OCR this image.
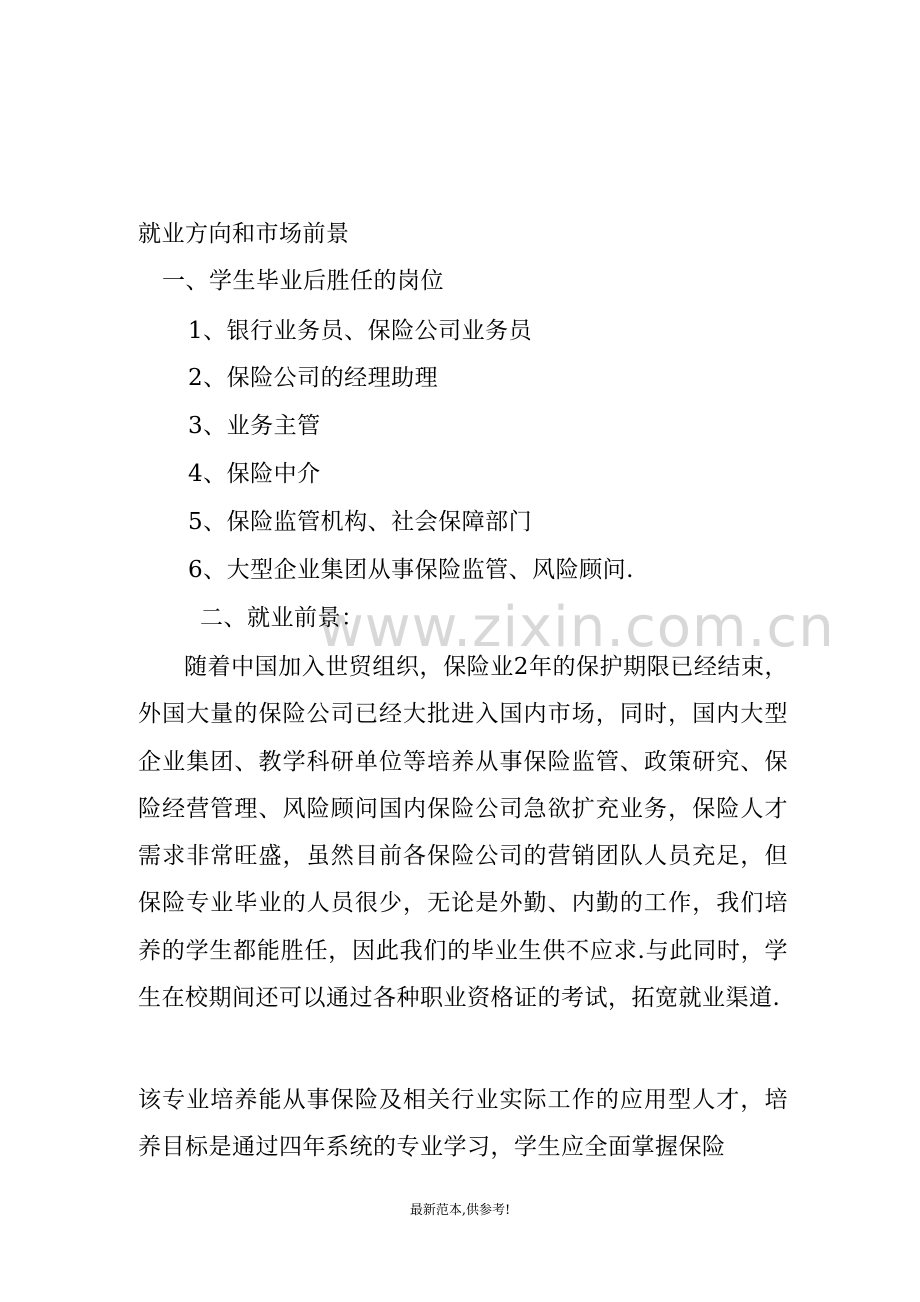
就业方向和市场前景
一、学生毕业后胜任的岗位
1、银行业务员、保险公司业务员
2、保险公司的经理助理
3、业务主管
4、保险中介
5、保险监管机构、社会保障部门
6、大型企业集团从事保险监管、风险顾问.
www.zixin.com.cn
二、就业前景：
随着中国加入世贸组织，保险业2年的保护期限已经结束，外国大量的保险公司已经大批进入国内市场，同时，国内大型企业集团、教学科研单位等培养从事保险监管、政策研究、保险经营管理、风险顾问国内保险公司急欲扩充业务，保险人才需求非常旺盛，虽然目前各保险公司的营销团队人员充足，但保险专业毕业的人员很少，无论是外勤、内勤的工作，我们培养的学生都能胜任，因此我们的毕业生供不应求.与此同时，学生在校期间还可以通过各种职业资格证的考试，拓宽就业渠道.
该专业培养能从事保险及相关行业实际工作的应用型人才，培养目标是通过四年系统的专业学习，学生应全面掌握保险
最新范本,供参考!
